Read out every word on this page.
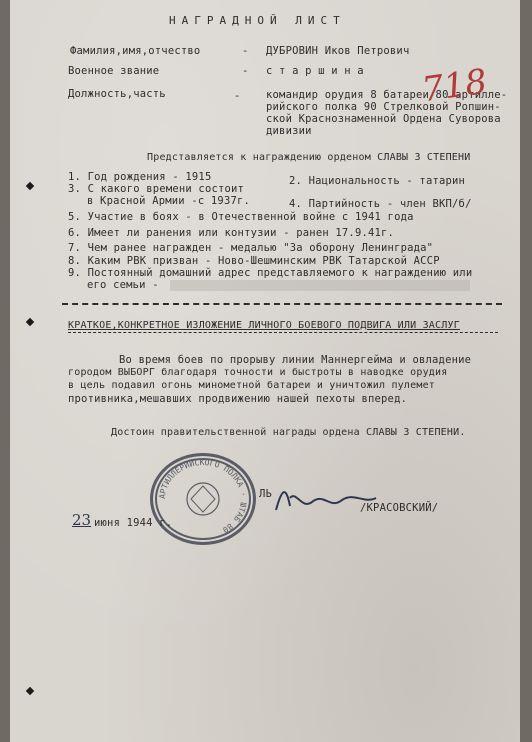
НАГРАДНОЙ ЛИСТ
Фамилия,имя,отчество	- ДУБРОВИН Иков Петрович
Военное звание	- с т а р ш и н а
Должность,часть	- командир орудия 8 батареи 80 артилле-
рийского полка 90 Стрелковой Ропшин-
ской Краснознаменной Ордена Суворова
дивизии
718
Представляется к награждению орденом СЛАВЫ 3 СТЕПЕНИ
1. Год рождения - 1915	2. Национальность - татарин
3. С какого времени состоит
в Красной Армии -с 1937г.	4. Партийность - член ВКП/б/
5. Участие в боях - в Отечественной войне с 1941 года
6. Имеет ли ранения или контузии - ранен 17.9.41г.
7. Чем ранее награжден - медалью "За оборону Ленинграда"
8. Каким РВК призван - Ново-Шешминским РВК Татарской АССР
9. Постоянный домашний адрес представляемого к награждению или
его семьи -
КРАТКОЕ,КОНКРЕТНОЕ ИЗЛОЖЕНИЕ ЛИЧНОГО БОЕВОГО ПОДВИГА ИЛИ ЗАСЛУГ
Во время боев по прорыву линии Маннергейма и овладение
городом ВЫБОРГ благодаря точности и быстроты в наводке орудия
в цель подавил огонь минометной батареи и уничтожил пулемет
противника,мешавших продвижению нашей пехоты вперед.
Достоин правительственной награды ордена СЛАВЫ 3 СТЕПЕНИ.
АРТИЛЛЕРИЙСКОГО ПОЛКА · ШТАБ 80
ЛЬ
/КРАСОВСКИЙ/
23 июня 1944 г.
